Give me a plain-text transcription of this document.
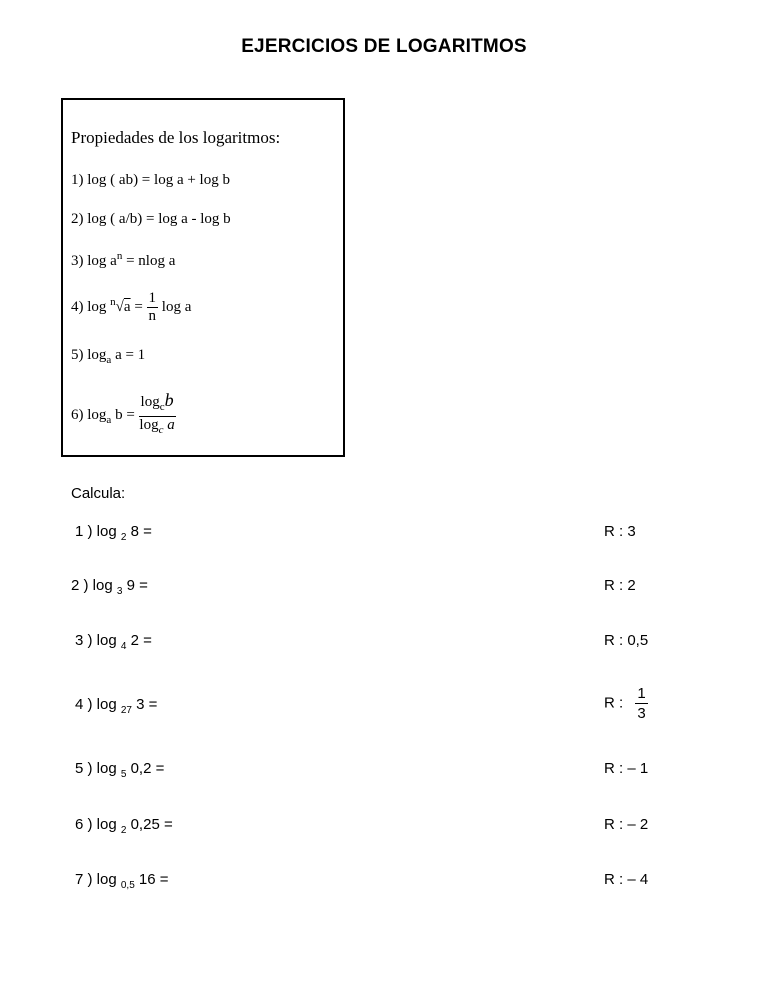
EJERCICIOS DE LOGARITMOS
Propiedades de los logaritmos:
1) log ( ab) = log a + log b
2) log ( a/b) = log a - log b
3) $\log a^n = nlog$ a
4) $\log ^n√a = \frac{1}{n}$ log a
5) $\log_a a = 1$
6) $\log_a b = \frac{\log_cb}{\log_c a}$
Calcula:
1 ) log $_2$ 8 =	R : 3
2 ) log $_3$ 9 =	R : 2
3 ) log $_4$ 2 =	R : 0,5
4 ) log $_{27}$ 3 =	R : $\frac{1}{3}$
5 ) log $_5$ 0,2 =	R : – 1
6 ) log $_2$ 0,25 =	R : – 2
7 ) log $_{0,5}$ 16 =	R : – 4
